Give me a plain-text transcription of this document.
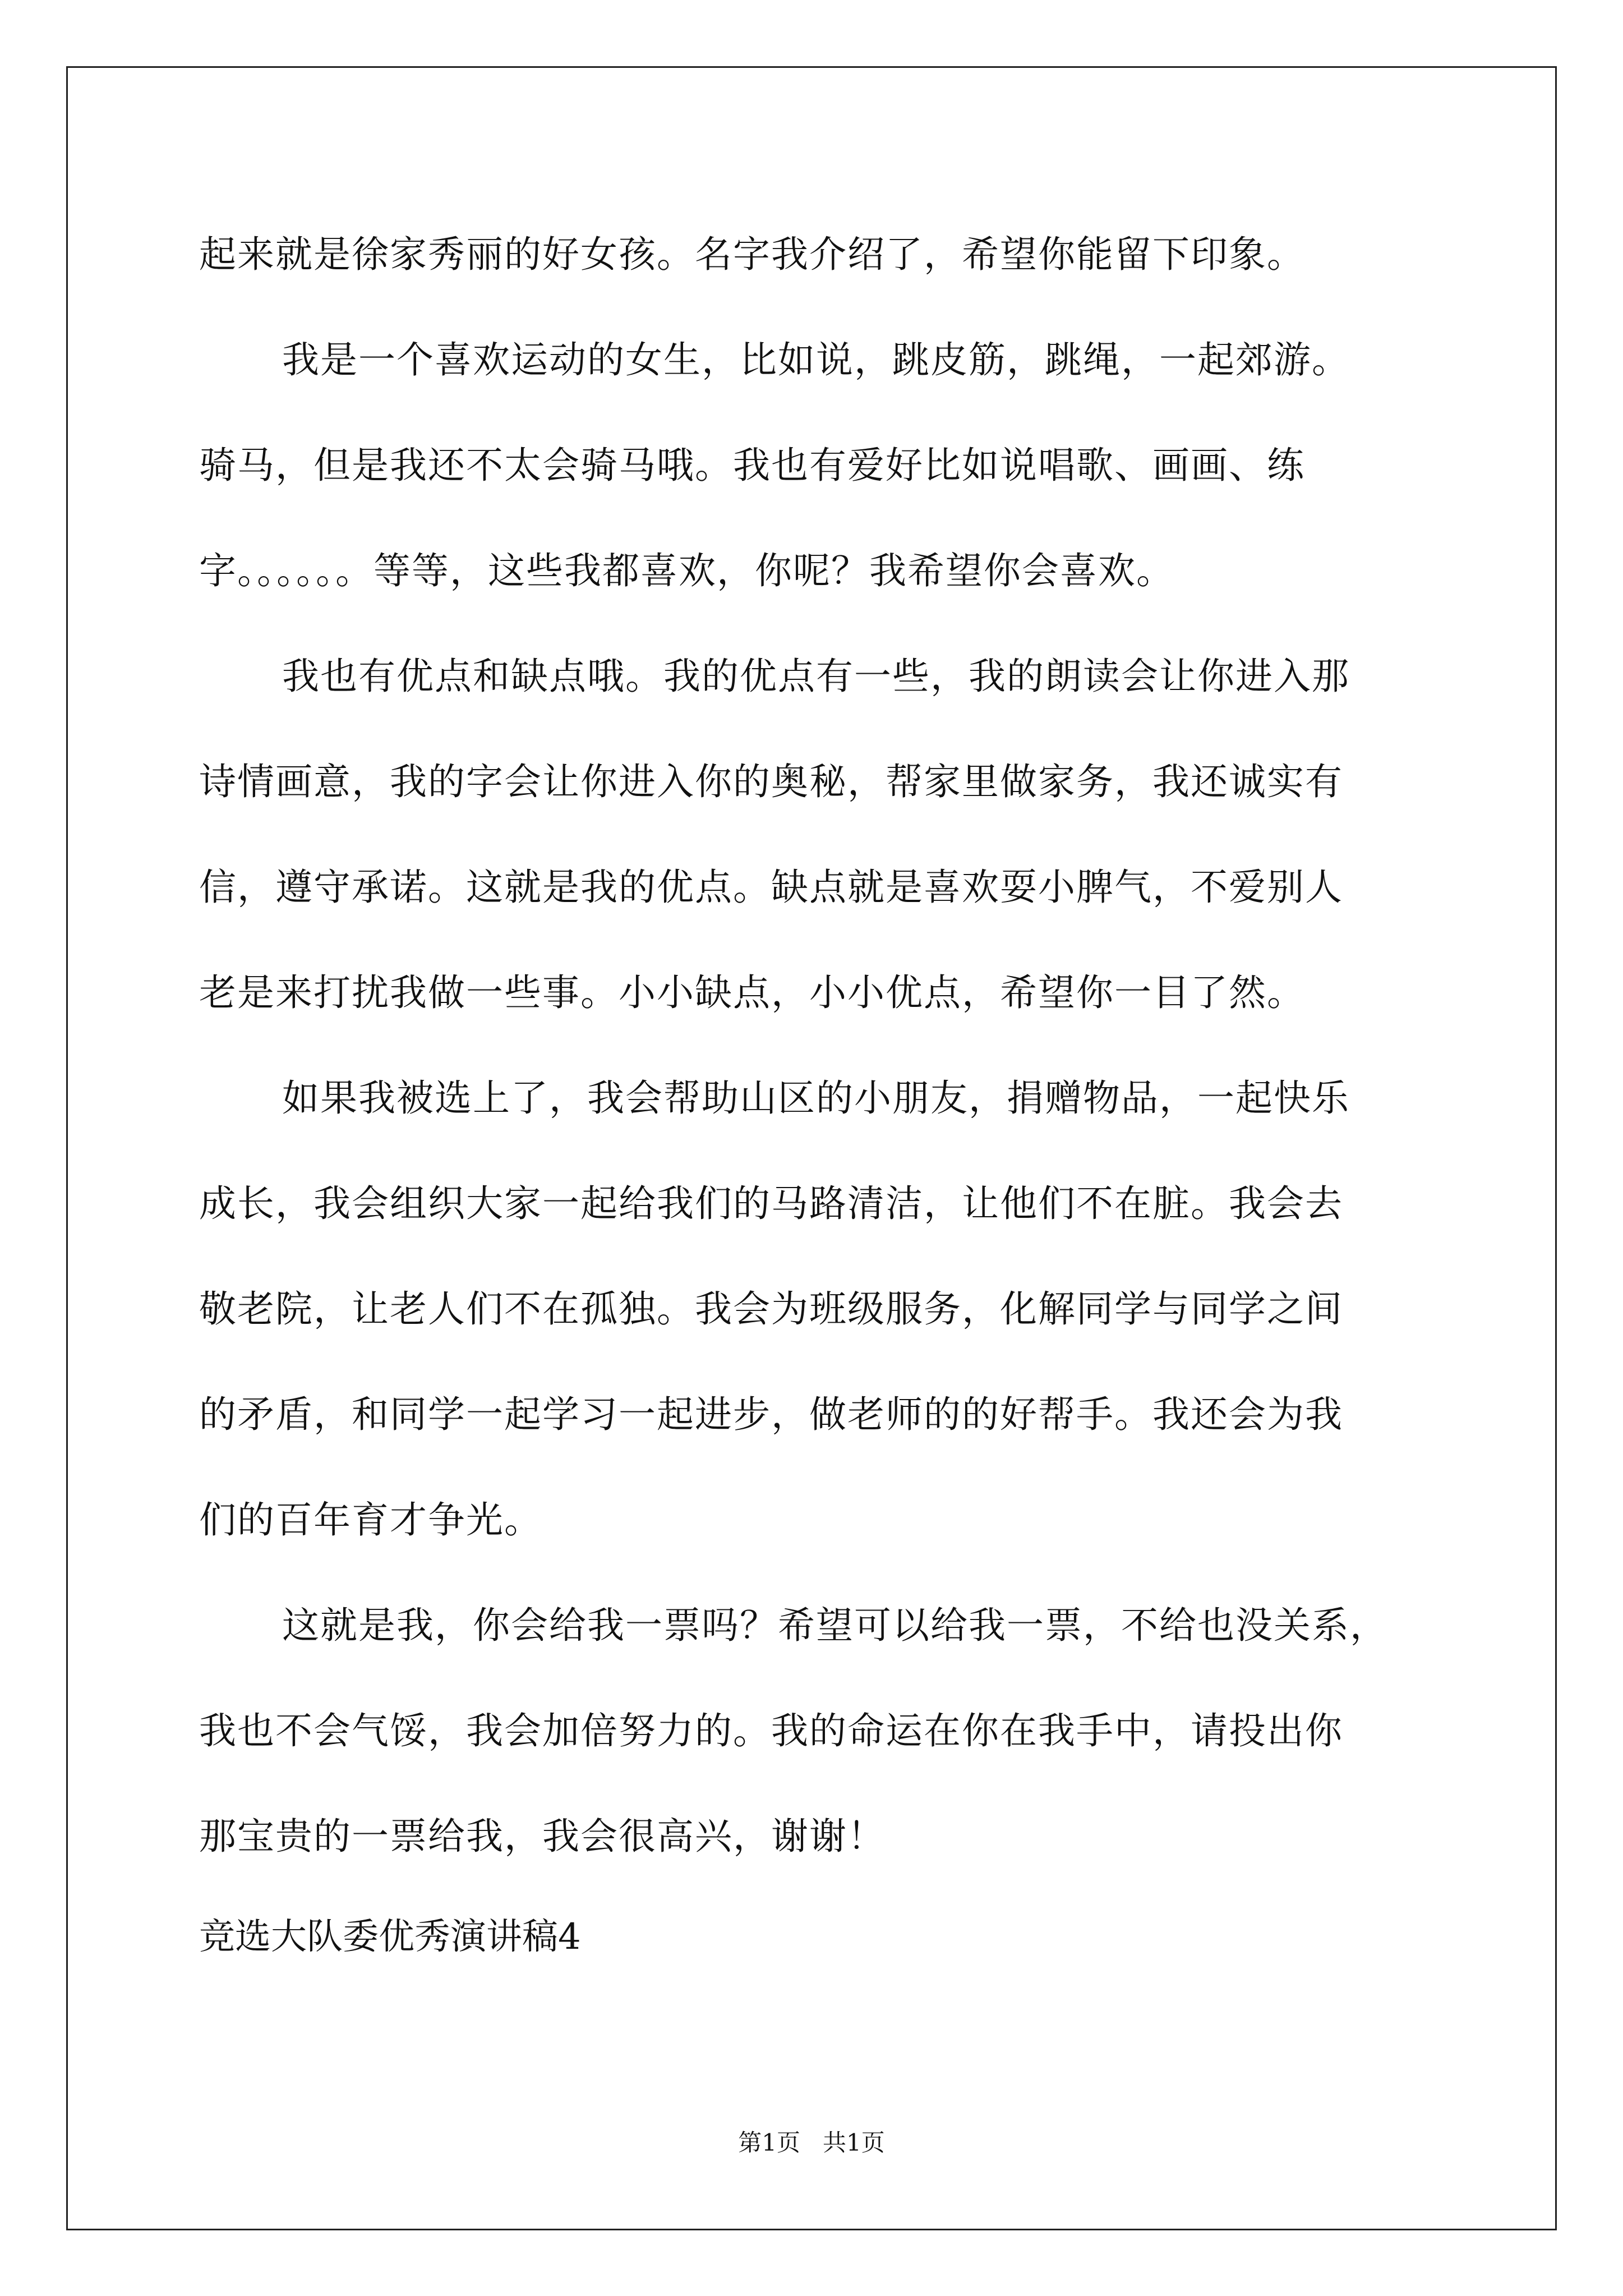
起来就是徐家秀丽的好女孩。名字我介绍了，希望你能留下印象。
我是一个喜欢运动的女生，比如说，跳皮筋，跳绳，一起郊游。
骑马，但是我还不太会骑马哦。我也有爱好比如说唱歌、画画、练
字。。。。。。等等，这些我都喜欢，你呢？我希望你会喜欢。
我也有优点和缺点哦。我的优点有一些，我的朗读会让你进入那
诗情画意，我的字会让你进入你的奥秘，帮家里做家务，我还诚实有
信，遵守承诺。这就是我的优点。缺点就是喜欢耍小脾气，不爱别人
老是来打扰我做一些事。小小缺点，小小优点，希望你一目了然。
如果我被选上了，我会帮助山区的小朋友，捐赠物品，一起快乐
成长，我会组织大家一起给我们的马路清洁，让他们不在脏。我会去
敬老院，让老人们不在孤独。我会为班级服务，化解同学与同学之间
的矛盾，和同学一起学习一起进步，做老师的的好帮手。我还会为我
们的百年育才争光。
这就是我，你会给我一票吗？希望可以给我一票，不给也没关系，
我也不会气馁，我会加倍努力的。我的命运在你在我手中，请投出你
那宝贵的一票给我，我会很高兴，谢谢！
竞选大队委优秀演讲稿4
第1页   共1页
